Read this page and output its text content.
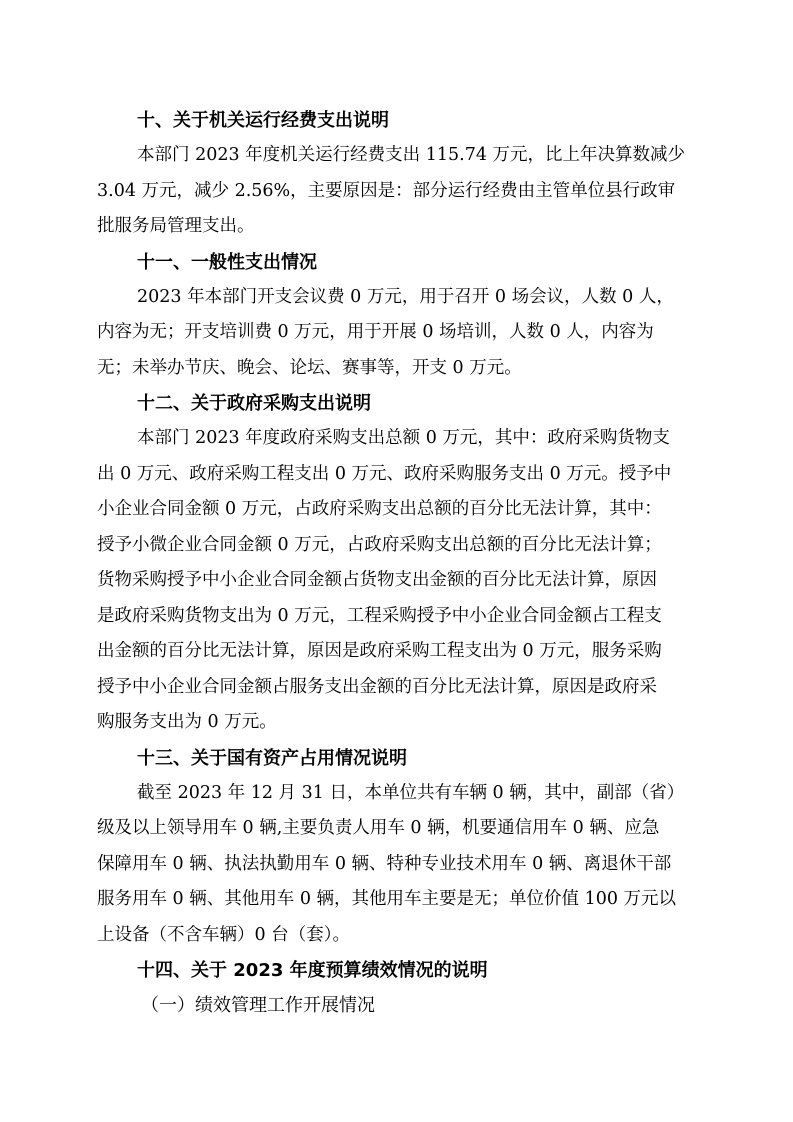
十、关于机关运行经费支出说明
本部门 2023 年度机关运行经费支出 115.74 万元，比上年决算数减少
3.04 万元，减少 2.56%，主要原因是：部分运行经费由主管单位县行政审
批服务局管理支出。
十一、一般性支出情况
2023 年本部门开支会议费 0 万元，用于召开 0 场会议，人数 0 人，
内容为无；开支培训费 0 万元，用于开展 0 场培训，人数 0 人，内容为
无；未举办节庆、晚会、论坛、赛事等，开支 0 万元。
十二、关于政府采购支出说明
本部门 2023 年度政府采购支出总额 0 万元，其中：政府采购货物支
出 0 万元、政府采购工程支出 0 万元、政府采购服务支出 0 万元。授予中
小企业合同金额 0 万元，占政府采购支出总额的百分比无法计算，其中：
授予小微企业合同金额 0 万元，占政府采购支出总额的百分比无法计算；
货物采购授予中小企业合同金额占货物支出金额的百分比无法计算，原因
是政府采购货物支出为 0 万元，工程采购授予中小企业合同金额占工程支
出金额的百分比无法计算，原因是政府采购工程支出为 0 万元，服务采购
授予中小企业合同金额占服务支出金额的百分比无法计算，原因是政府采
购服务支出为 0 万元。
十三、关于国有资产占用情况说明
截至 2023 年 12 月 31 日，本单位共有车辆 0 辆，其中，副部（省）
级及以上领导用车 0 辆,主要负责人用车 0 辆，机要通信用车 0 辆、应急
保障用车 0 辆、执法执勤用车 0 辆、特种专业技术用车 0 辆、离退休干部
服务用车 0 辆、其他用车 0 辆，其他用车主要是无；单位价值 100 万元以
上设备（不含车辆）0 台（套）。
十四、关于 2023 年度预算绩效情况的说明
（一）绩效管理工作开展情况
